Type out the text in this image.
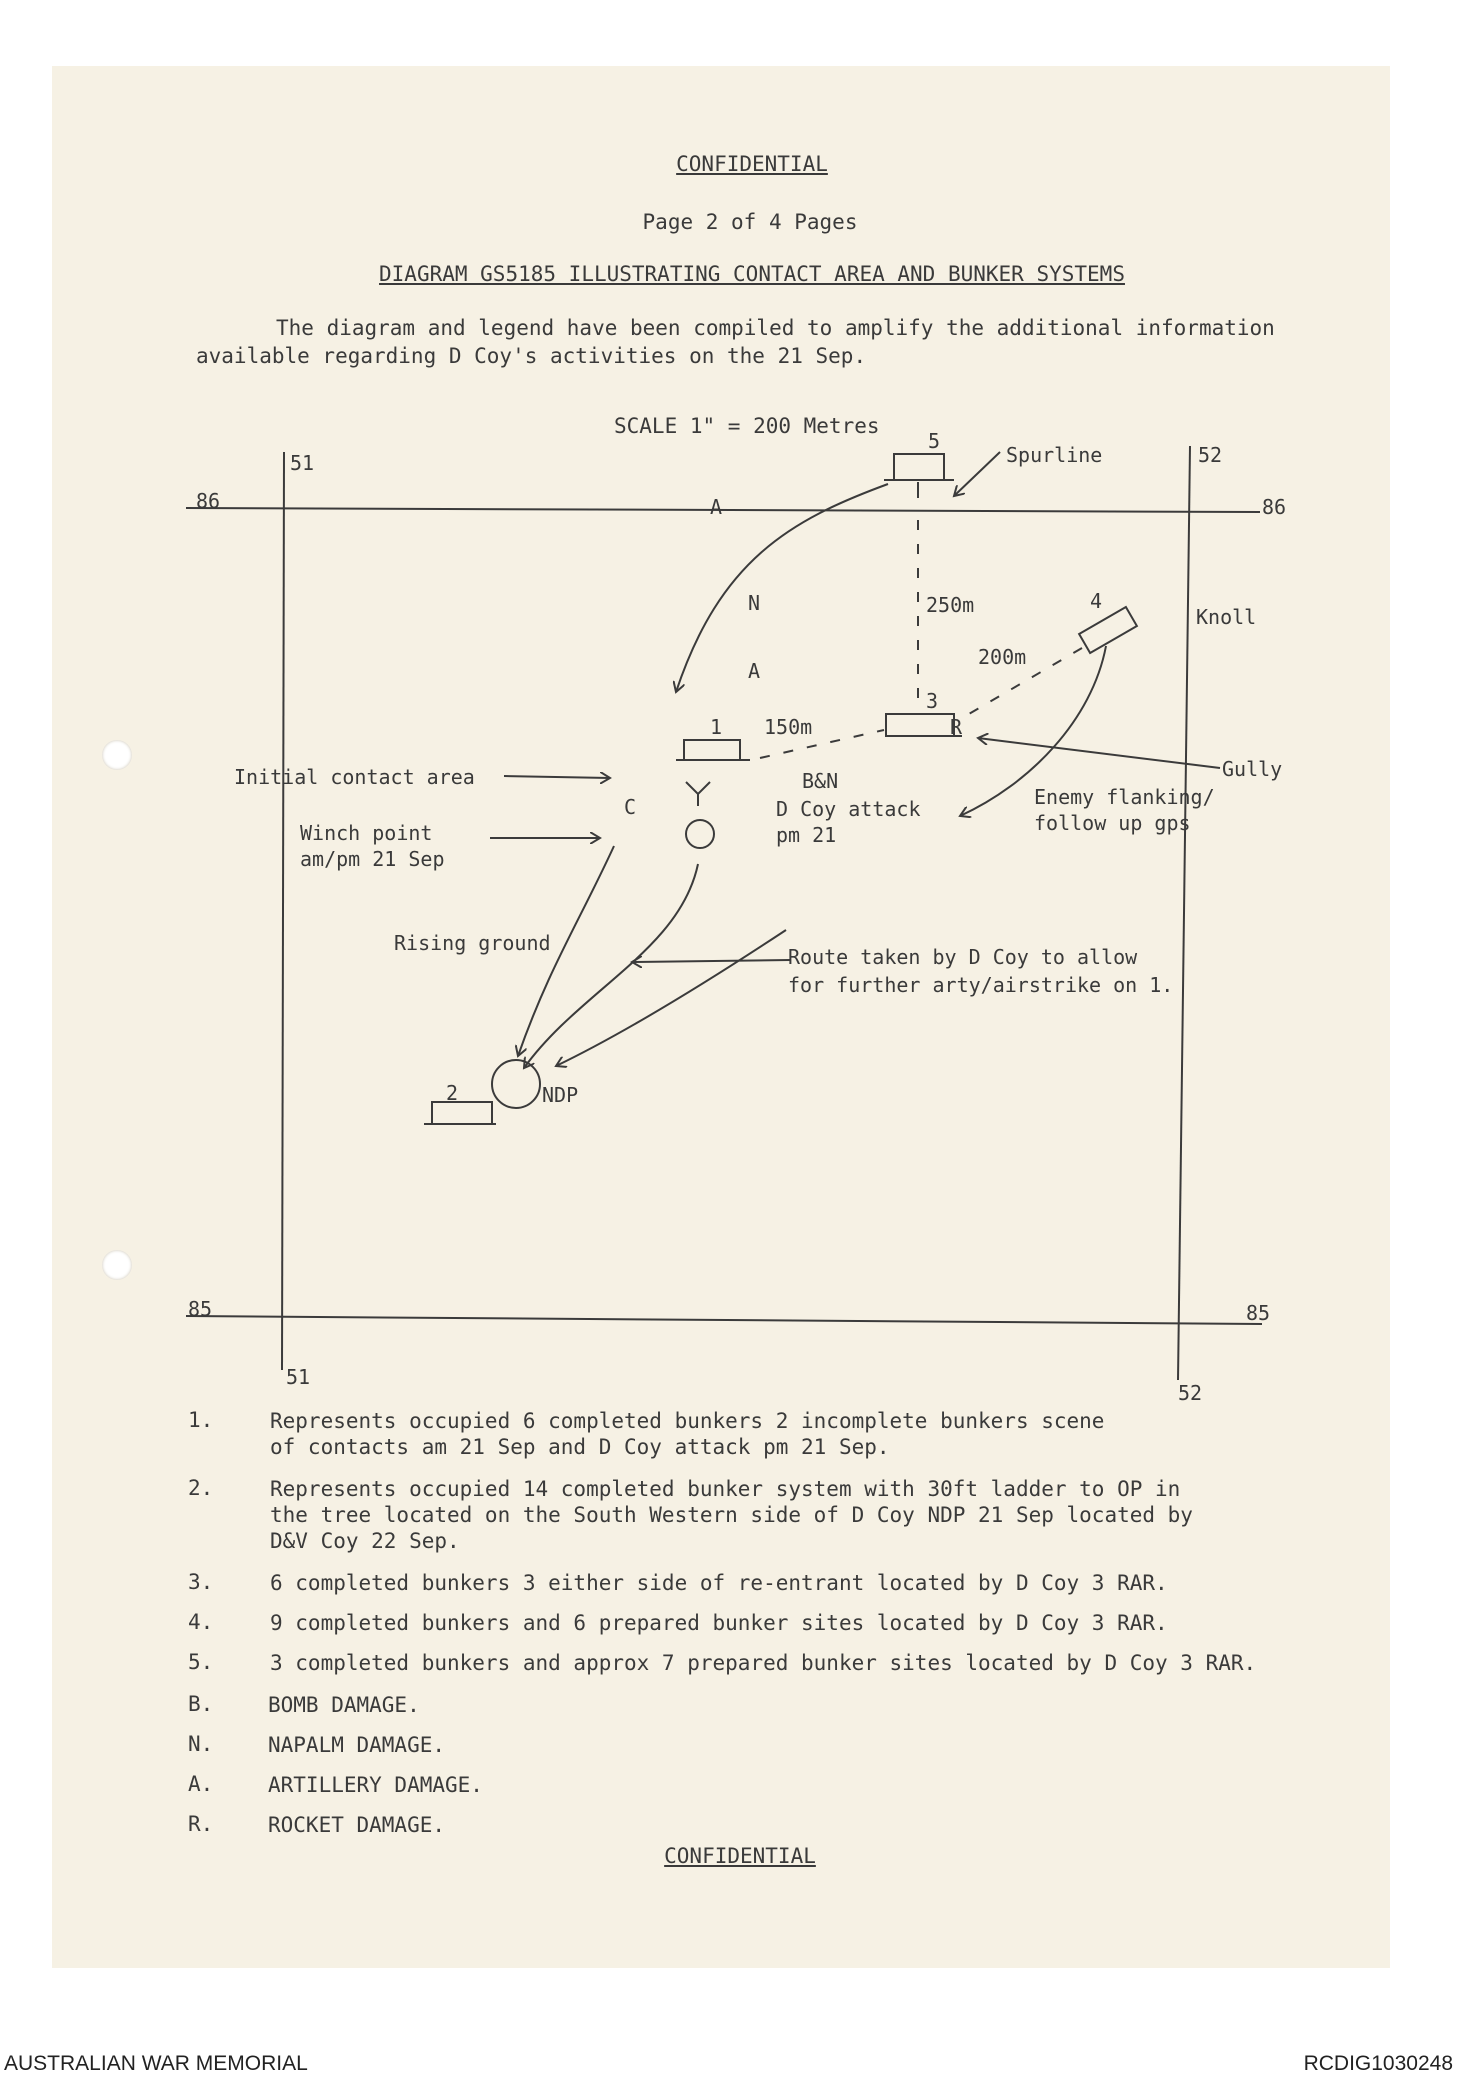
CONFIDENTIAL
Page 2 of 4 Pages
DIAGRAM GS5185 ILLUSTRATING CONTACT AREA AND BUNKER SYSTEMS
The diagram and legend have been compiled to amplify the additional information
available regarding D Coy's activities on the 21 Sep.
SCALE 1" = 200 Metres
51	52
86	86
85	85
51
52
5
Spurline
A
250m	4
Knoll
N
200m
A
3
R
1 150m
Gully
Initial contact area	B&N
C	D Coy attack
pm 21
Enemy flanking/
follow up gps
Winch point
am/pm 21 Sep
Rising ground
Route taken by D Coy to allow
for further arty/airstrike on 1.
2	NDP
1.	Represents occupied 6 completed bunkers 2 incomplete bunkers scene
of contacts am 21 Sep and D Coy attack pm 21 Sep.
2.	Represents occupied 14 completed bunker system with 30ft ladder to OP in
the tree located on the South Western side of D Coy NDP 21 Sep located by
D&V Coy 22 Sep.
3.	6 completed bunkers 3 either side of re-entrant located by D Coy 3 RAR.
4.	9 completed bunkers and 6 prepared bunker sites located by D Coy 3 RAR.
5.	3 completed bunkers and approx 7 prepared bunker sites located by D Coy 3 RAR.
B.	BOMB DAMAGE.
N.	NAPALM DAMAGE.
A.	ARTILLERY DAMAGE.
R.	ROCKET DAMAGE.
CONFIDENTIAL
AUSTRALIAN WAR MEMORIAL	RCDIG1030248
